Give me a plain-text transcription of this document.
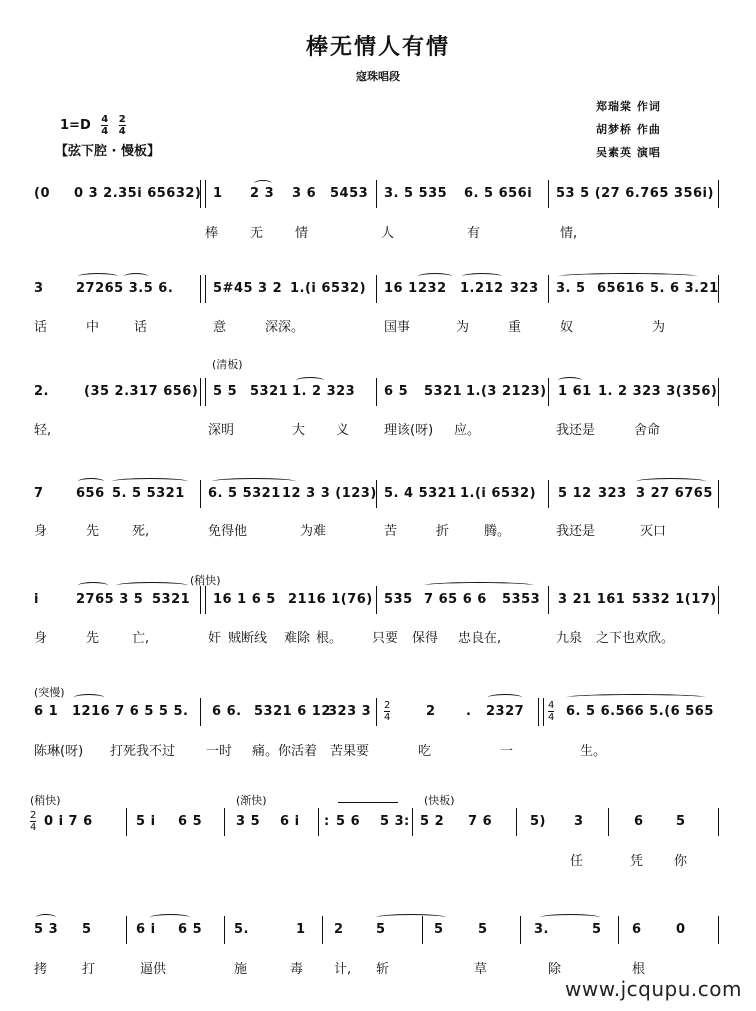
棒无情人有情
寇珠唱段
$1=D \frac{4}{4}$
$\frac{2}{4}$
【弦下腔 · 慢板】
郑瑞棠 作词
胡梦桥 作曲
吴素英 演唱
(0 0 3 2.35i 65632) 1 2 3 3 6 5453 3. 5 535 6. 5 656i 53 5 (27 6.765 356i)
棒 无 情	人	有	情,
3 27265 3.5 6.	5#45 3 2 1.(i 6532) 16 1 232 1.212 323 3. 5 65616 5. 6 3.21
话	中	话	意	深深。	国事	为	重	奴	为
(清板)
2.	(35 2.317 656) 5 5 5321 1. 2 323 6 5 5321 1.(3 2123) 1 61 1. 2 323 3(356)
轻,	深明	大 义	理该(呀) 应。	我还是	舍命
7 656 5. 5 5321 6. 5 5321 12 3 3 (123) 5. 4 5321 1.(i 6532) 5 12 323 3 27 6765
身	先	死,	免得他	为难	苦	折	腾。	我还是	灭口
(稍快)
i	2765 3 5 5321 16 1 6 5 2116 1(76) 535 7 65 6 6 5353 3 21 161 5332 1(17)
身	先	亡,	奸 贼断线 难除 根。 只要 保得 忠良在,	九泉 之下也欢欣。
(突慢)
6 1 1216 7 6 5 5 5. 6 6. 5321 6 12
323 $3 \frac{2}{4}$	2 . $2327 \frac{4}{4} 6$. 5 6.566 5.(6 565
陈琳(呀) 打死我不过 一时 痛。 你活着 苦果要	吃	一	生。
(稍快)	(渐快)	(快板)
$\frac{2}{4} 0$ i 7 6	5 i 6 5	3 5 6 i : 5 6 5 3 : 5 2 7 6	5) 3	6 5
任	凭 你
5 3 5	6 i 6 5 5.	1 2 5	5	5	3.	5 6	0
拷	打	逼供	施	毒 计, 斩	草	除	根
www.jcqupu.com
